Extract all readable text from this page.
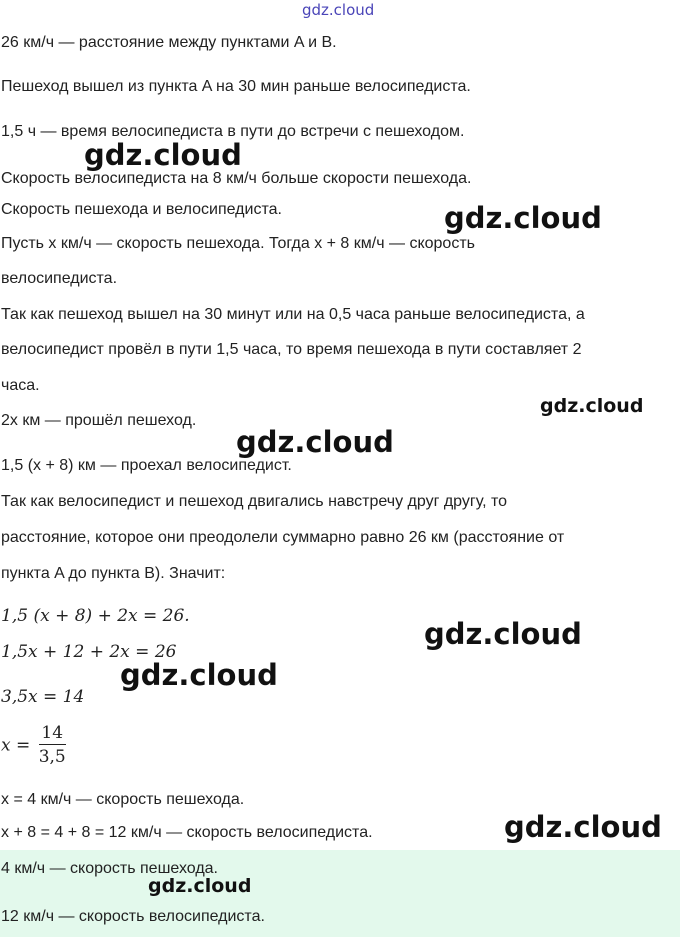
gdz.cloud
26 км/ч — расстояние между пунктами A и B.
Пешеход вышел из пункта A на 30 мин раньше велосипедиста.
1,5 ч — время велосипедиста в пути до встречи с пешеходом.
Скорость велосипедиста на 8 км/ч больше скорости пешехода.
Скорость пешехода и велосипедиста.
Пусть x км/ч — скорость пешехода. Тогда x + 8 км/ч — скорость
велосипедиста.
Так как пешеход вышел на 30 минут или на 0,5 часа раньше велосипедиста, а
велосипедист провёл в пути 1,5 часа, то время пешехода в пути составляет 2
часа.
2x км — прошёл пешеход.
1,5 (x + 8) км — проехал велосипедист.
Так как велосипедист и пешеход двигались навстречу друг другу, то
расстояние, которое они преодолели суммарно равно 26 км (расстояние от
пункта A до пункта B). Значит:
1,5 (x + 8) + 2x = 26.
1,5x + 12 + 2x = 26
3,5x = 14
$x = \frac{14}{3,5}$
x = 4 км/ч — скорость пешехода.
x + 8 = 4 + 8 = 12 км/ч — скорость велосипедиста.
4 км/ч — скорость пешехода.
12 км/ч — скорость велосипедиста.
gdz.cloud
gdz.cloud
gdz.cloud
gdz.cloud
gdz.cloud
gdz.cloud
gdz.cloud
gdz.cloud
